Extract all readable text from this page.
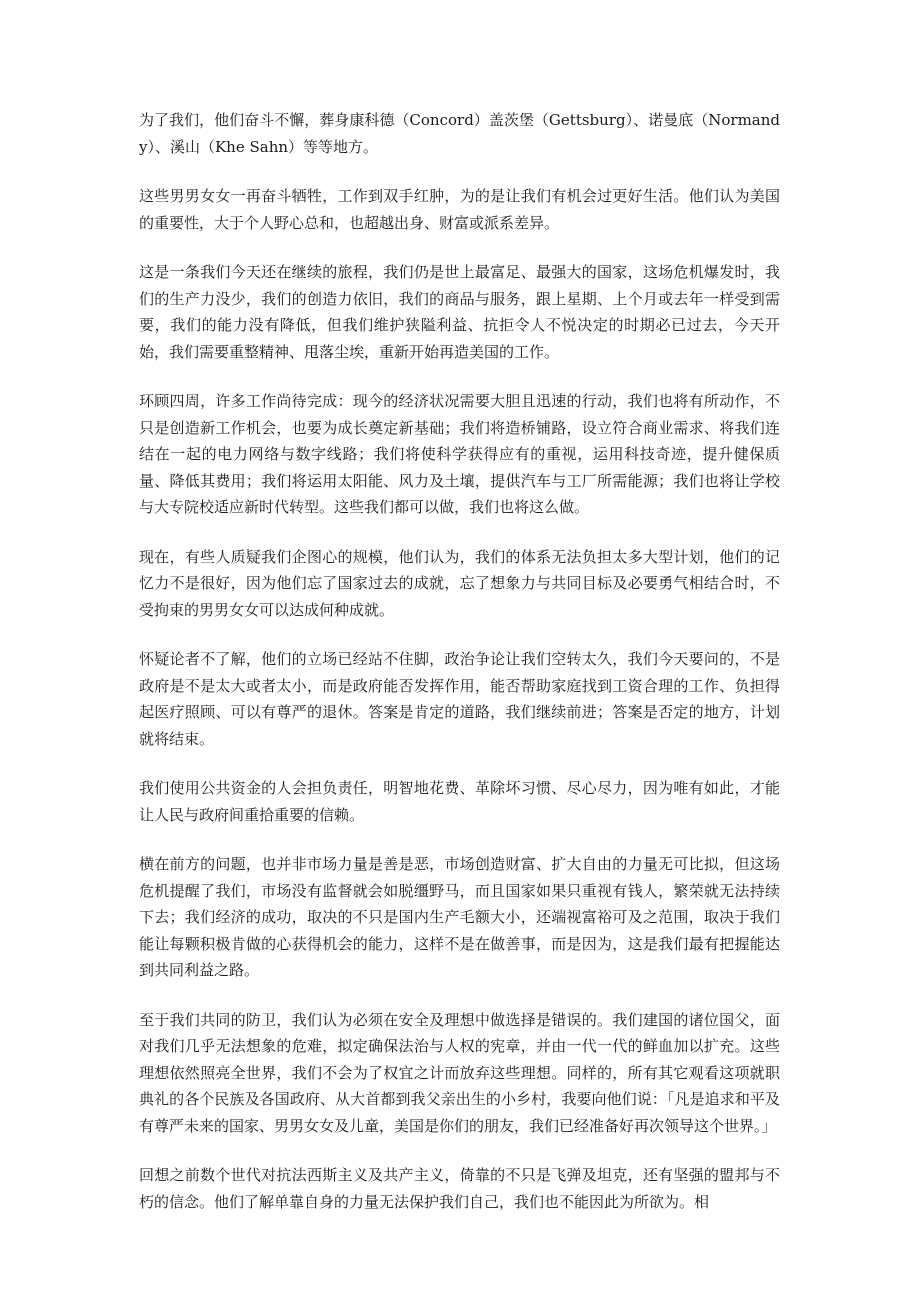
为了我们，他们奋斗不懈，葬身康科德（Concord）盖茨堡（Gettsburg）、诺曼底（Normandy）、溪山（Khe Sahn）等等地方。

这些男男女女一再奋斗牺牲，工作到双手红肿，为的是让我们有机会过更好生活。他们认为美国的重要性，大于个人野心总和，也超越出身、财富或派系差异。

这是一条我们今天还在继续的旅程，我们仍是世上最富足、最强大的国家，这场危机爆发时，我们的生产力没少，我们的创造力依旧，我们的商品与服务，跟上星期、上个月或去年一样受到需要，我们的能力没有降低，但我们维护狭隘利益、抗拒令人不悦决定的时期必已过去，今天开始，我们需要重整精神、甩落尘埃，重新开始再造美国的工作。

环顾四周，许多工作尚待完成：现今的经济状况需要大胆且迅速的行动，我们也将有所动作，不只是创造新工作机会，也要为成长奠定新基础；我们将造桥铺路，设立符合商业需求、将我们连结在一起的电力网络与数字线路；我们将使科学获得应有的重视，运用科技奇迹，提升健保质量、降低其费用；我们将运用太阳能、风力及土壤，提供汽车与工厂所需能源；我们也将让学校与大专院校适应新时代转型。这些我们都可以做，我们也将这么做。

现在，有些人质疑我们企图心的规模，他们认为，我们的体系无法负担太多大型计划，他们的记忆力不是很好，因为他们忘了国家过去的成就，忘了想象力与共同目标及必要勇气相结合时，不受拘束的男男女女可以达成何种成就。

怀疑论者不了解，他们的立场已经站不住脚，政治争论让我们空转太久，我们今天要问的，不是政府是不是太大或者太小，而是政府能否发挥作用，能否帮助家庭找到工资合理的工作、负担得起医疗照顾、可以有尊严的退休。答案是肯定的道路，我们继续前进；答案是否定的地方，计划就将结束。

我们使用公共资金的人会担负责任，明智地花费、革除坏习惯、尽心尽力，因为唯有如此，才能让人民与政府间重拾重要的信赖。

横在前方的问题，也并非市场力量是善是恶，市场创造财富、扩大自由的力量无可比拟，但这场危机提醒了我们，市场没有监督就会如脱缰野马，而且国家如果只重视有钱人，繁荣就无法持续下去；我们经济的成功，取决的不只是国内生产毛额大小，还端视富裕可及之范围，取决于我们能让每颗积极肯做的心获得机会的能力，这样不是在做善事，而是因为，这是我们最有把握能达到共同利益之路。

至于我们共同的防卫，我们认为必须在安全及理想中做选择是错误的。我们建国的诸位国父，面对我们几乎无法想象的危难，拟定确保法治与人权的宪章，并由一代一代的鲜血加以扩充。这些理想依然照亮全世界，我们不会为了权宜之计而放弃这些理想。同样的，所有其它观看这项就职典礼的各个民族及各国政府、从大首都到我父亲出生的小乡村，我要向他们说：「凡是追求和平及有尊严未来的国家、男男女女及儿童，美国是你们的朋友，我们已经准备好再次领导这个世界。」

回想之前数个世代对抗法西斯主义及共产主义，倚靠的不只是飞弹及坦克，还有坚强的盟邦与不朽的信念。他们了解单靠自身的力量无法保护我们自己，我们也不能因此为所欲为。相
